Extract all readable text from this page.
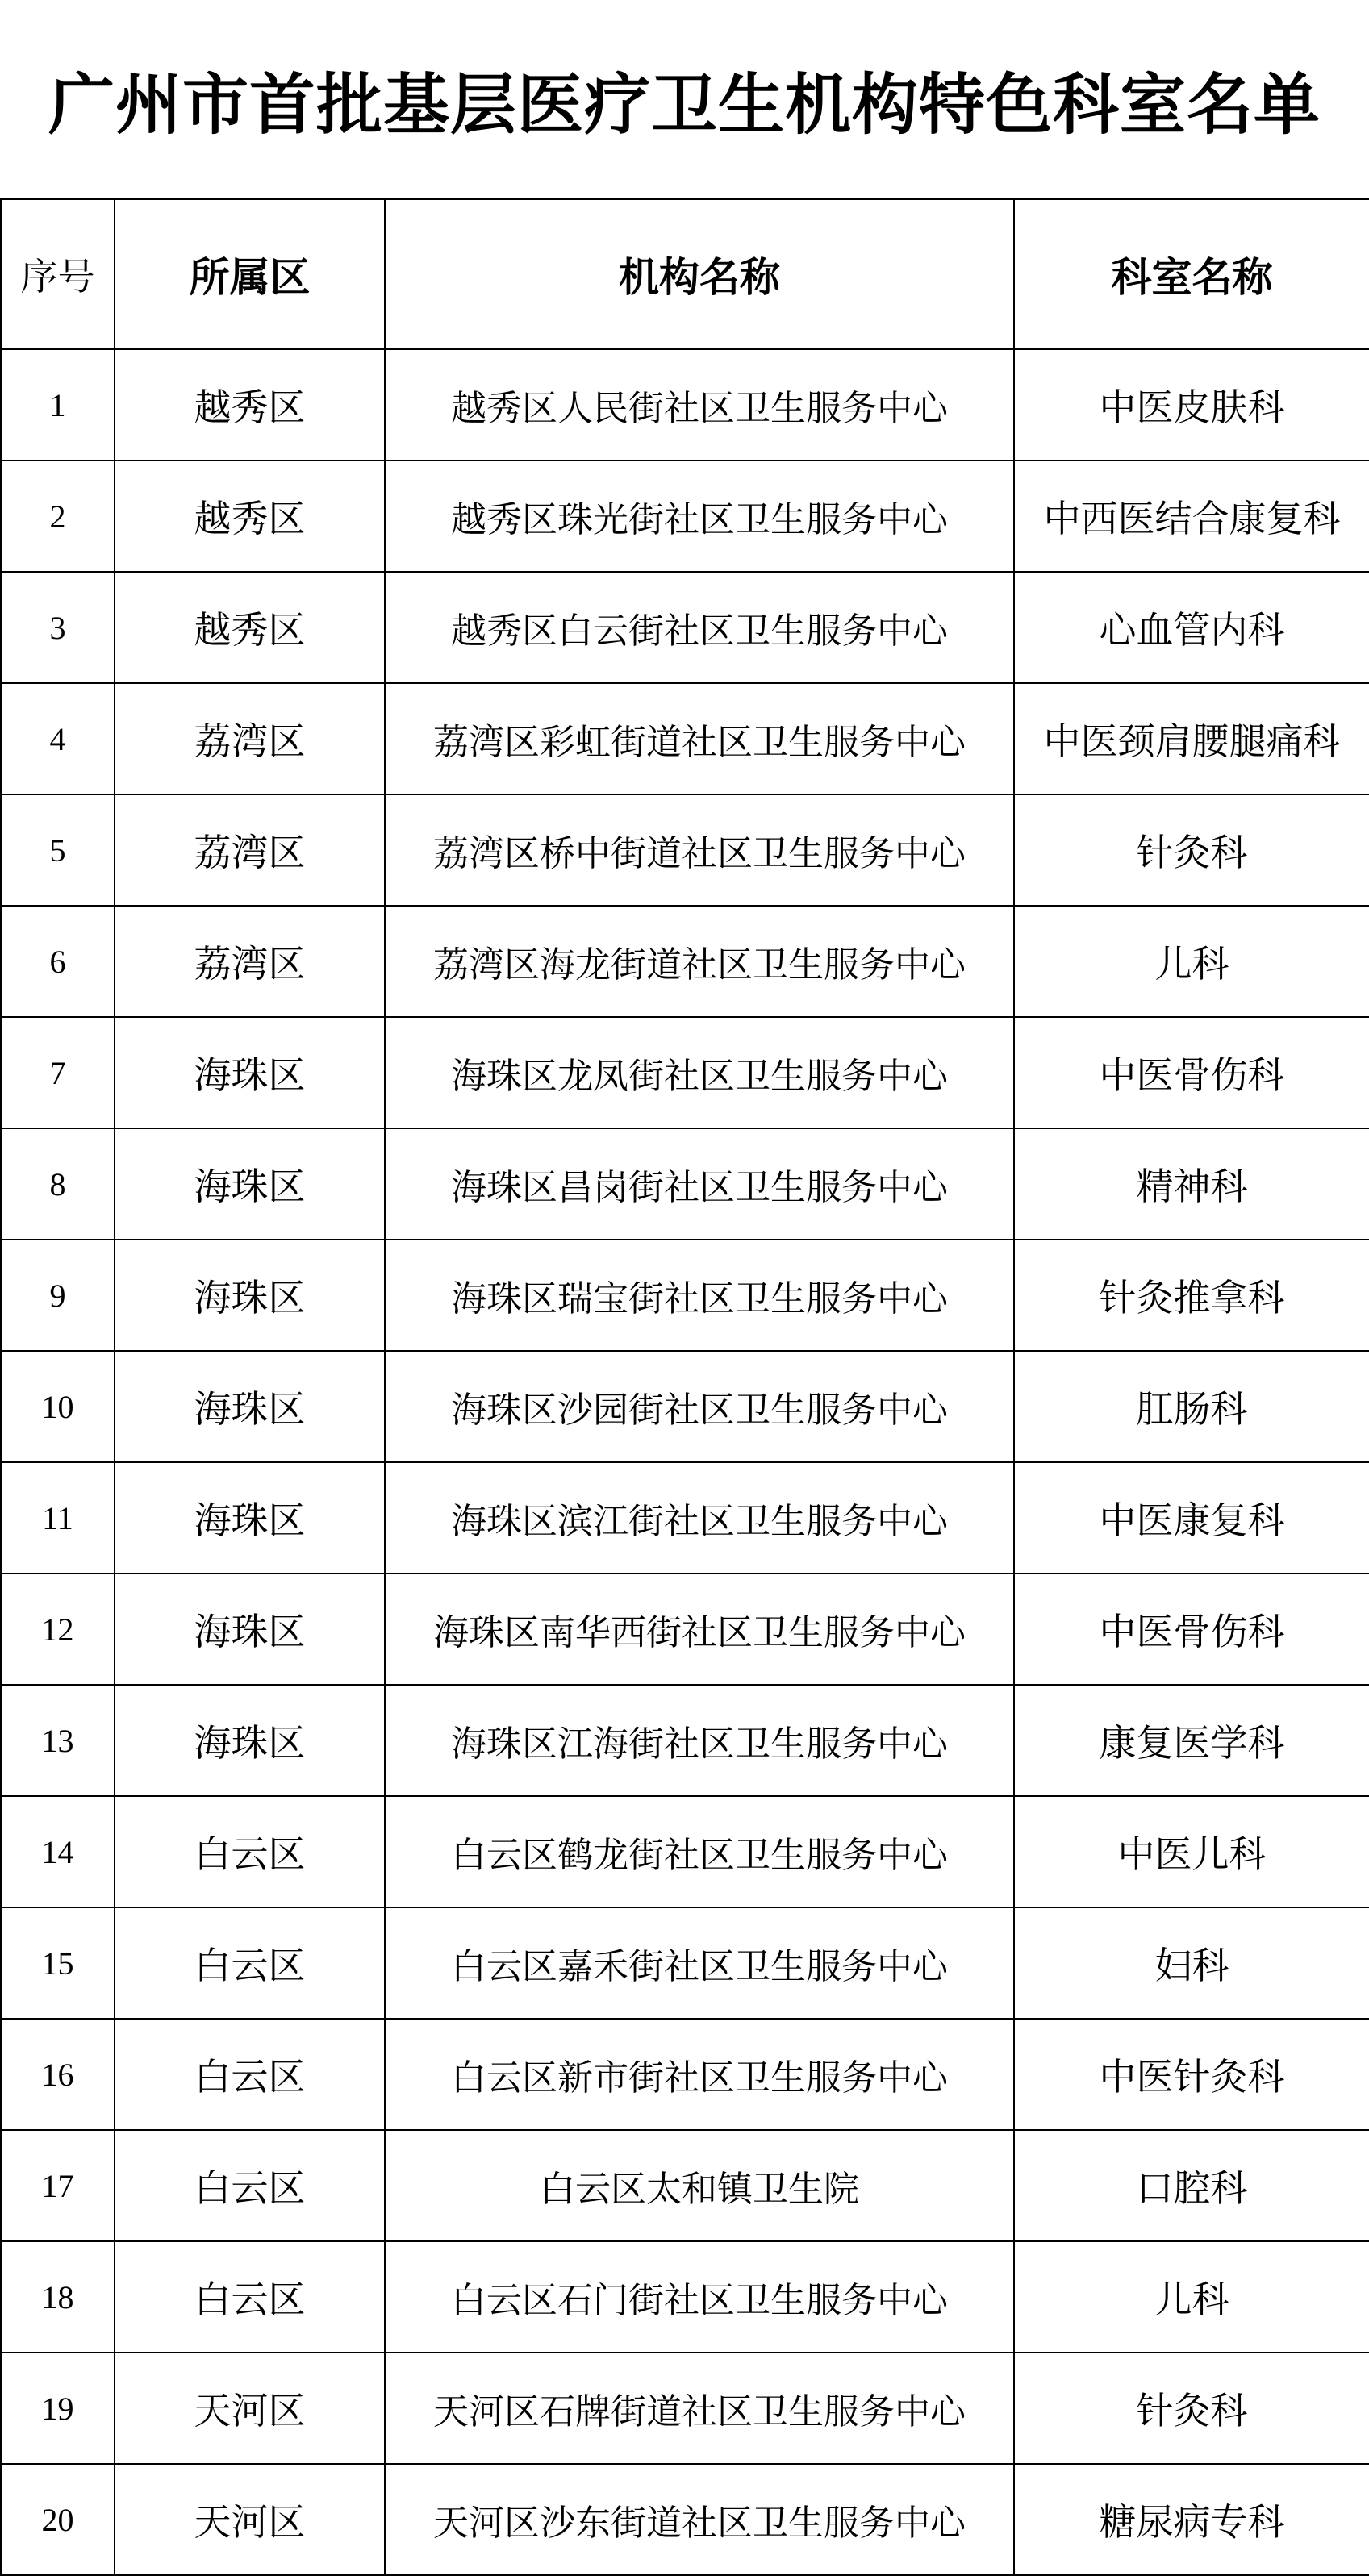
广州市首批基层医疗卫生机构特色科室名单
序号	所属区	机构名称	科室名称
1	越秀区	越秀区人民街社区卫生服务中心	中医皮肤科
2	越秀区	越秀区珠光街社区卫生服务中心	中西医结合康复科
3	越秀区	越秀区白云街社区卫生服务中心	心血管内科
4	荔湾区	荔湾区彩虹街道社区卫生服务中心	中医颈肩腰腿痛科
5	荔湾区	荔湾区桥中街道社区卫生服务中心	针灸科
6	荔湾区	荔湾区海龙街道社区卫生服务中心	儿科
7	海珠区	海珠区龙凤街社区卫生服务中心	中医骨伤科
8	海珠区	海珠区昌岗街社区卫生服务中心	精神科
9	海珠区	海珠区瑞宝街社区卫生服务中心	针灸推拿科
10	海珠区	海珠区沙园街社区卫生服务中心	肛肠科
11	海珠区	海珠区滨江街社区卫生服务中心	中医康复科
12	海珠区	海珠区南华西街社区卫生服务中心	中医骨伤科
13	海珠区	海珠区江海街社区卫生服务中心	康复医学科
14	白云区	白云区鹤龙街社区卫生服务中心	中医儿科
15	白云区	白云区嘉禾街社区卫生服务中心	妇科
16	白云区	白云区新市街社区卫生服务中心	中医针灸科
17	白云区	白云区太和镇卫生院	口腔科
18	白云区	白云区石门街社区卫生服务中心	儿科
19	天河区	天河区石牌街道社区卫生服务中心	针灸科
20	天河区	天河区沙东街道社区卫生服务中心	糖尿病专科
